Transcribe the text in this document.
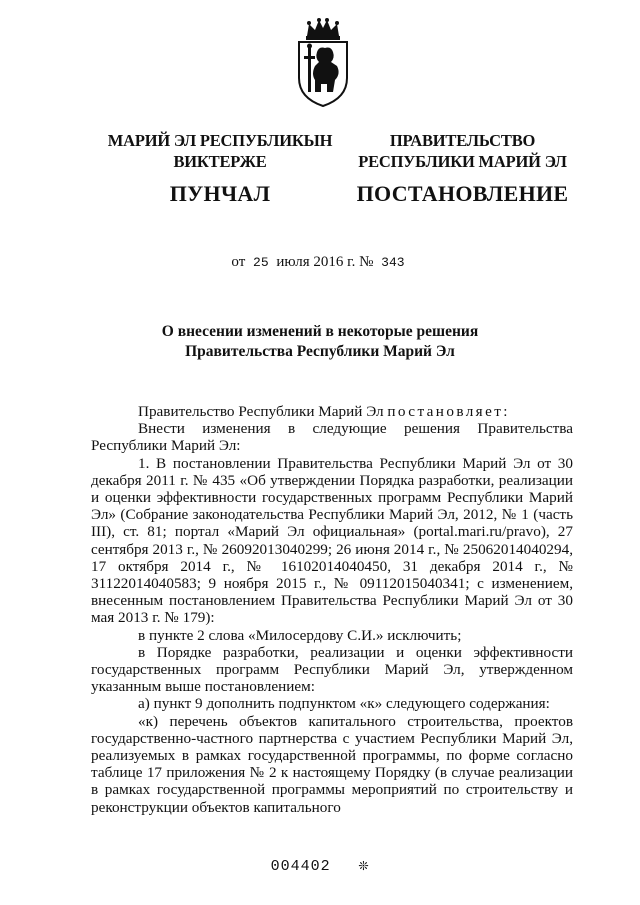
МАРИЙ ЭЛ РЕСПУБЛИКЫН
ВИКТЕРЖЕ
ПУНЧАЛ
ПРАВИТЕЛЬСТВО
РЕСПУБЛИКИ МАРИЙ ЭЛ
ПОСТАНОВЛЕНИЕ
от 25 июля 2016 г. № 343
О внесении изменений в некоторые решения
Правительства Республики Марий Эл

Правительство Республики Марий Эл постановляет:

Внести изменения в следующие решения Правительства Республики Марий Эл:

1. В постановлении Правительства Республики Марий Эл от 30 декабря 2011 г. № 435 «Об утверждении Порядка разработки, реализации и оценки эффективности государственных программ Республики Марий Эл» (Собрание законодательства Республики Марий Эл, 2012, № 1 (часть III), ст. 81; портал «Марий Эл официальная» (portal.mari.ru/pravo), 27 сентября 2013 г., № 26092013040299; 26 июня 2014 г., № 25062014040294, 17 октября 2014 г., № 16102014040450, 31 декабря 2014 г., № 31122014040583; 9 ноября 2015 г., № 09112015040341; с изменением, внесенным постановлением Правительства Республики Марий Эл от 30 мая 2013 г. № 179):

в пункте 2 слова «Милосердову С.И.» исключить;

в Порядке разработки, реализации и оценки эффективности государственных программ Республики Марий Эл, утвержденном указанным выше постановлением:

а) пункт 9 дополнить подпунктом «к» следующего содержания:

«к) перечень объектов капитального строительства, проектов государственно-частного партнерства с участием Республики Марий Эл, реализуемых в рамках государственной программы, по форме согласно таблице 17 приложения № 2 к настоящему Порядку (в случае реализации в рамках государственной программы мероприятий по строительству и реконструкции объектов капитального

004402 ❊
